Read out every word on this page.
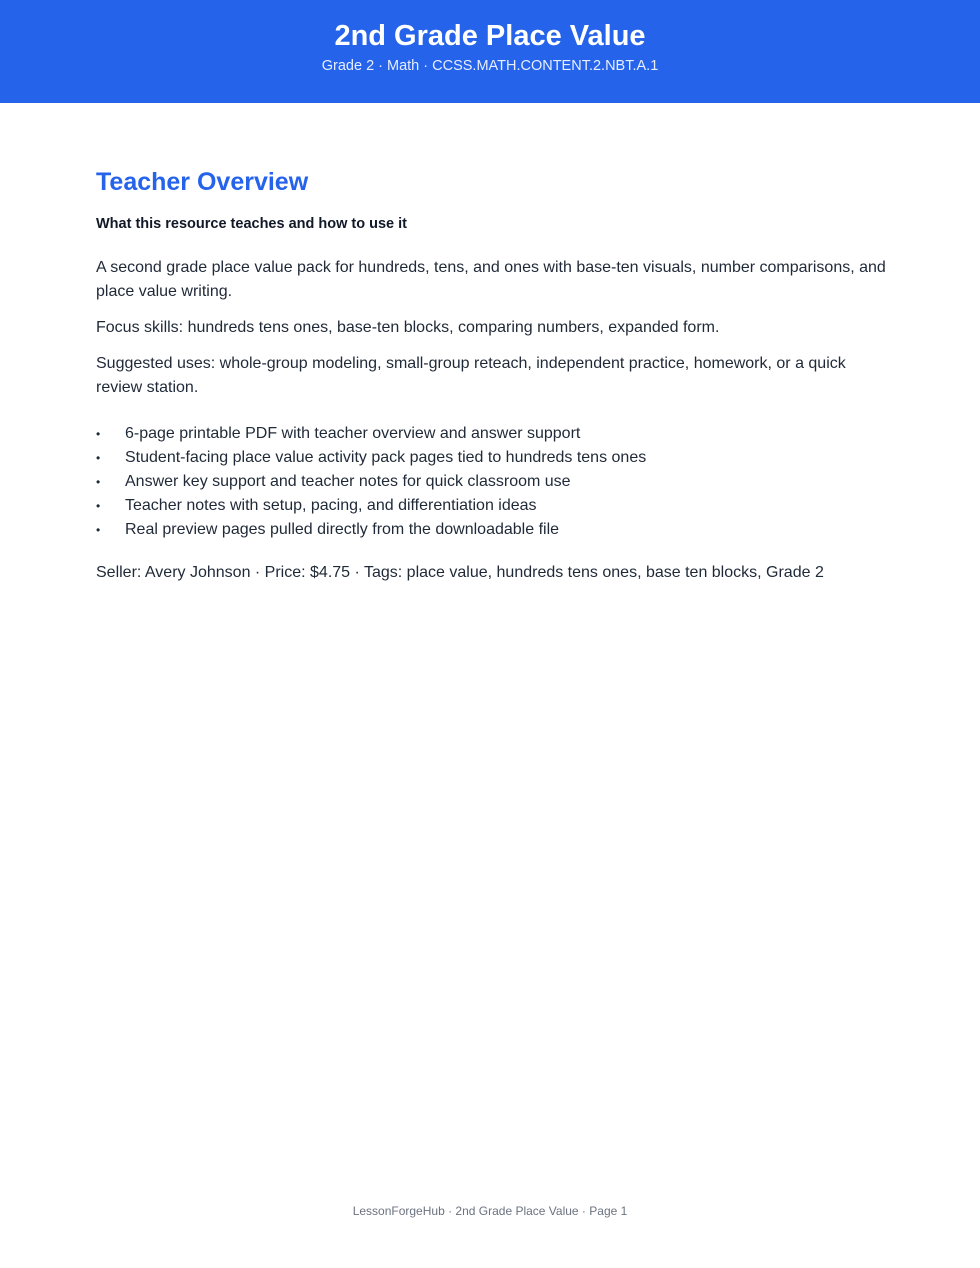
2nd Grade Place Value
Grade 2 · Math · CCSS.MATH.CONTENT.2.NBT.A.1
Teacher Overview
What this resource teaches and how to use it

A second grade place value pack for hundreds, tens, and ones with base-ten visuals, number comparisons, and place value writing.

Focus skills: hundreds tens ones, base-ten blocks, comparing numbers, expanded form.

Suggested uses: whole-group modeling, small-group reteach, independent practice, homework, or a quick review station.

• 6-page printable PDF with teacher overview and answer support
• Student-facing place value activity pack pages tied to hundreds tens ones
• Answer key support and teacher notes for quick classroom use
• Teacher notes with setup, pacing, and differentiation ideas
• Real preview pages pulled directly from the downloadable file

Seller: Avery Johnson · Price: $4.75 · Tags: place value, hundreds tens ones, base ten blocks, Grade 2

LessonForgeHub · 2nd Grade Place Value · Page 1
